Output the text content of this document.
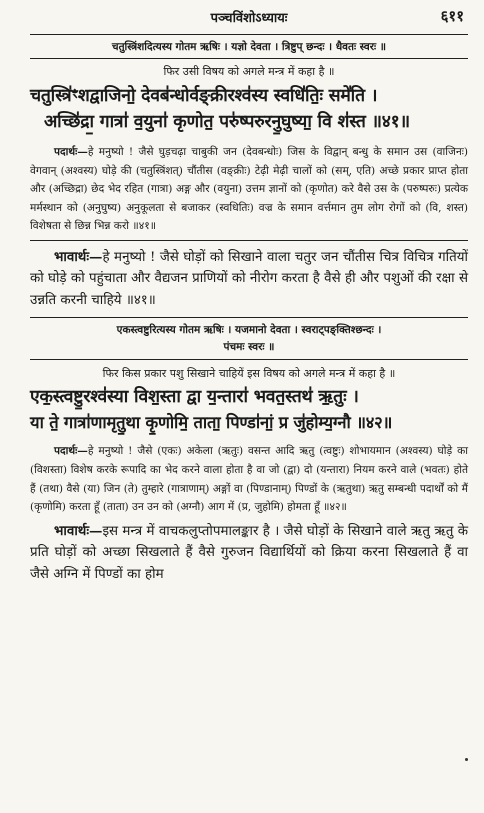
पञ्चविंशोऽध्यायः	६११
चतुस्त्रिंशदित्यस्य गोतम ऋषिः । यज्ञो देवता । त्रिष्टुप् छन्दः । धैवतः स्वरः ॥
फिर उसी विषय को अगले मन्त्र में कहा है ॥
चतुस्त्रि॑ꣳशद्वाजिनो॒ देवब॑न्धोर्वङ्क्रीरश्व॑स्य स्वधि॑तिः॒ समे॑ति ।
अच्छि॑द्रा॒ गात्रा॑ व॒युना॑ कृणोत॒ परु॑ष्परुरनु॒घुष्या॒ वि श॑स्त ॥४१॥
पदार्थः—हे मनुष्यो ! जैसे घुड़चढ़ा चाबुकी जन (देवबन्धोः) जिस के विद्वान् बन्धु के समान उस (वाजिनः) वेगवान् (अश्वस्य) घोड़े की (चतुस्त्रिंशत्) चौंतीस (वङ्क्रीः) टेढ़ी मेढ़ी चालों को (सम्, एति) अच्छे प्रकार प्राप्त होता और (अच्छिद्रा) छेद भेद रहित (गात्रा) अङ्ग और (वयुना) उत्तम ज्ञानों को (कृणोत) करे वैसे उस के (परुष्परुः) प्रत्येक मर्मस्थान को (अनुघुष्य) अनुकूलता से बजाकर (स्वधितिः) वज्र के समान वर्त्तमान तुम लोग रोगों को (वि, शस्त) विशेषता से छिन्न भिन्न करो ॥४१॥
भावार्थः—हे मनुष्यो ! जैसे घोड़ों को सिखाने वाला चतुर जन चौंतीस चित्र विचित्र गतियों को घोड़े को पहुंचाता और वैद्यजन प्राणियों को नीरोग करता है वैसे ही और पशुओं की रक्षा से उन्नति करनी चाहिये ॥४१॥
एकस्त्वष्टुरित्यस्य गोतम ऋषिः । यजमानो देवता । स्वराट्पङ्क्तिश्छन्दः ।
पंचमः स्वरः ॥
फिर किस प्रकार पशु सिखाने चाहियें इस विषय को अगले मन्त्र में कहा है ॥
एक॒स्त्वष्टु॒रश्व॑स्या विश॒स्ता द्वा य॒न्तारा॑ भवत॒स्तथ॑ ऋ॒तुः ।
या ते॒ गात्रा॑णामृतु॒था कृ॒णोमि॒ ताता॒ पिण्डा॑नां॒ प्र जु॑होम्य॒ग्नौ ॥४२॥
पदार्थः—हे मनुष्यो ! जैसे (एकः) अकेला (ऋतुः) वसन्त आदि ऋतु (त्वष्टुः) शोभायमान (अश्वस्य) घोड़े का (विशस्ता) विशेष करके रूपादि का भेद करने वाला होता है वा जो (द्वा) दो (यन्तारा) नियम करने वाले (भवतः) होते हैं (तथा) वैसे (या) जिन (ते) तुम्हारे (गात्राणाम्) अङ्गों वा (पिण्डानाम्) पिण्डों के (ऋतुथा) ऋतु सम्बन्धी पदार्थों को मैं (कृणोमि) करता हूँ (ताता) उन उन को (अग्नौ) आग में (प्र, जुहोमि) होमता हूँ ॥४२॥
भावार्थः—इस मन्त्र में वाचकलुप्तोपमालङ्कार है । जैसे घोड़ों के सिखाने वाले ऋतु ऋतु के प्रति घोड़ों को अच्छा सिखलाते हैं वैसे गुरुजन विद्यार्थियों को क्रिया करना सिखलाते हैं वा जैसे अग्नि में पिण्डों का होम
